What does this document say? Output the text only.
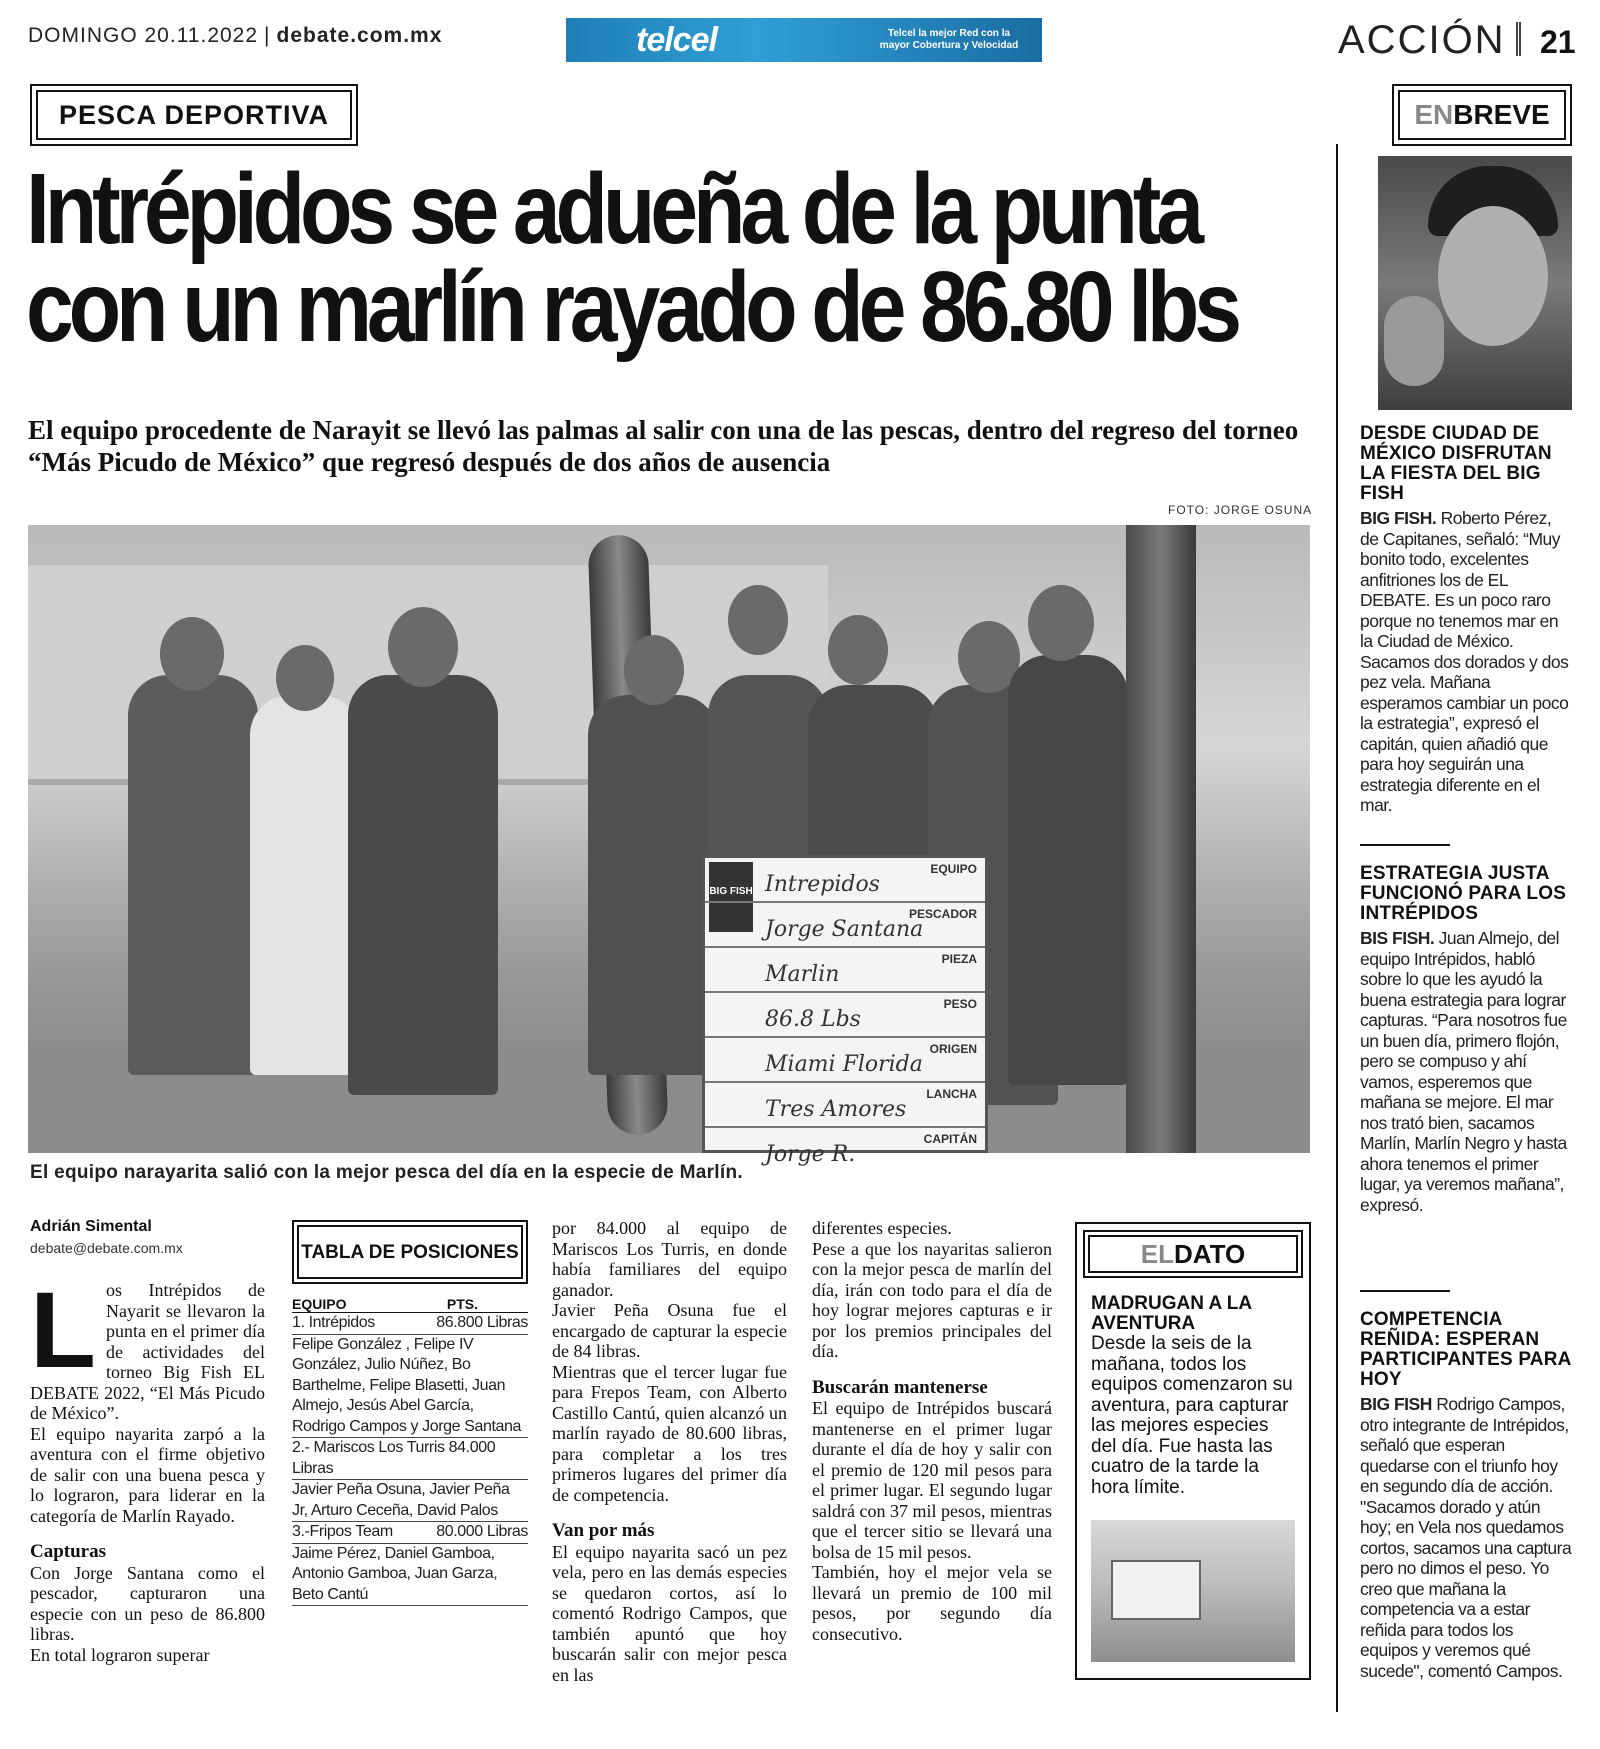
DOMINGO 20.11.2022 | debate.com.mx	telcel	Telcel la mejor Red con la mayor Cobertura y Velocidad	ACCIÓN 21
PESCA DEPORTIVA
Intrépidos se adueña de la punta
con un marlín rayado de 86.80 lbs
El equipo procedente de Narayit se llevó las palmas al salir con una de las pescas, dentro del regreso del torneo “Más Picudo de México” que regresó después de dos años de ausencia
FOTO: JORGE OSUNA
BIG FISH
EQUIPO
Intrepidos
PESCADOR
Jorge Santana
PIEZA
Marlin
PESO
86.8 Lbs
ORIGEN
Miami Florida
LANCHA
Tres Amores
CAPITÁN
Jorge R.
El equipo narayarita salió con la mejor pesca del día en la especie de Marlín.
Adrián Simental
debate@debate.com.mx

Los Intrépidos de Nayarit se llevaron la punta en el primer día de actividades del torneo Big Fish EL DEBATE 2022, “El Más Picudo de México”.

El equipo nayarita zarpó a la aventura con el firme objetivo de salir con una buena pesca y lo lograron, para liderar en la categoría de Marlín Rayado.

Capturas

Con Jorge Santana como el pescador, capturaron una especie con un peso de 86.800 libras.

En total lograron superar

TABLA DE POSICIONES
EQUIPO	PTS.
1. Intrépidos	86.800 Libras
Felipe González , Felipe IV González, Julio Núñez, Bo Barthelme, Felipe Blasetti, Juan Almejo, Jesús Abel García, Rodrigo Campos y Jorge Santana
2.- Mariscos Los Turris 84.000 Libras
Javier Peña Osuna, Javier Peña Jr, Arturo Ceceña, David Palos
3.-Fripos Team	80.000 Libras
Jaime Pérez, Daniel Gamboa, Antonio Gamboa, Juan Garza, Beto Cantú

por 84.000 al equipo de Mariscos Los Turris, en donde había familiares del equipo ganador.

Javier Peña Osuna fue el encargado de capturar la especie de 84 libras.

Mientras que el tercer lugar fue para Frepos Team, con Alberto Castillo Cantú, quien alcanzó un marlín rayado de 80.600 libras, para completar a los tres primeros lugares del primer día de competencia.

Van por más

El equipo nayarita sacó un pez vela, pero en las demás especies se quedaron cortos, así lo comentó Rodrigo Campos, que también apuntó que hoy buscarán salir con mejor pesca en las

diferentes especies.

Pese a que los nayaritas salieron con la mejor pesca de marlín del día, irán con todo para el día de hoy lograr mejores capturas e ir por los premios principales del día.

Buscarán mantenerse

El equipo de Intrépidos buscará mantenerse en el primer lugar durante el día de hoy y salir con el premio de 120 mil pesos para el primer lugar. El segundo lugar saldrá con 37 mil pesos, mientras que el tercer sitio se llevará una bolsa de 15 mil pesos.

También, hoy el mejor vela se llevará un premio de 100 mil pesos, por segundo día consecutivo.

EL DATO
MADRUGAN A LA AVENTURA
Desde la seis de la mañana, todos los equipos comenzaron su aventura, para capturar las mejores especies del día. Fue hasta las cuatro de la tarde la hora límite.
EN BREVE
DESDE CIUDAD DE MÉXICO DISFRUTAN LA FIESTA DEL BIG FISH

BIG FISH. Roberto Pérez, de Capitanes, señaló: “Muy bonito todo, excelentes anfitriones los de EL DEBATE. Es un poco raro porque no tenemos mar en la Ciudad de México. Sacamos dos dorados y dos pez vela. Mañana esperamos cambiar un poco la estrategia”, expresó el capitán, quien añadió que para hoy seguirán una estrategia diferente en el mar.

ESTRATEGIA JUSTA FUNCIONÓ PARA LOS INTRÉPIDOS

BIS FISH. Juan Almejo, del equipo Intrépidos, habló sobre lo que les ayudó la buena estrategia para lograr capturas. “Para nosotros fue un buen día, primero flojón, pero se compuso y ahí vamos, esperemos que mañana se mejore. El mar nos trató bien, sacamos Marlín, Marlín Negro y hasta ahora tenemos el primer lugar, ya veremos mañana”, expresó.

COMPETENCIA REÑIDA: ESPERAN PARTICIPANTES PARA HOY

BIG FISH Rodrigo Campos, otro integrante de Intrépidos, señaló que esperan quedarse con el triunfo hoy en segundo día de acción. "Sacamos dorado y atún hoy; en Vela nos quedamos cortos, sacamos una captura pero no dimos el peso. Yo creo que mañana la competencia va a estar reñida para todos los equipos y veremos qué sucede", comentó Campos.
